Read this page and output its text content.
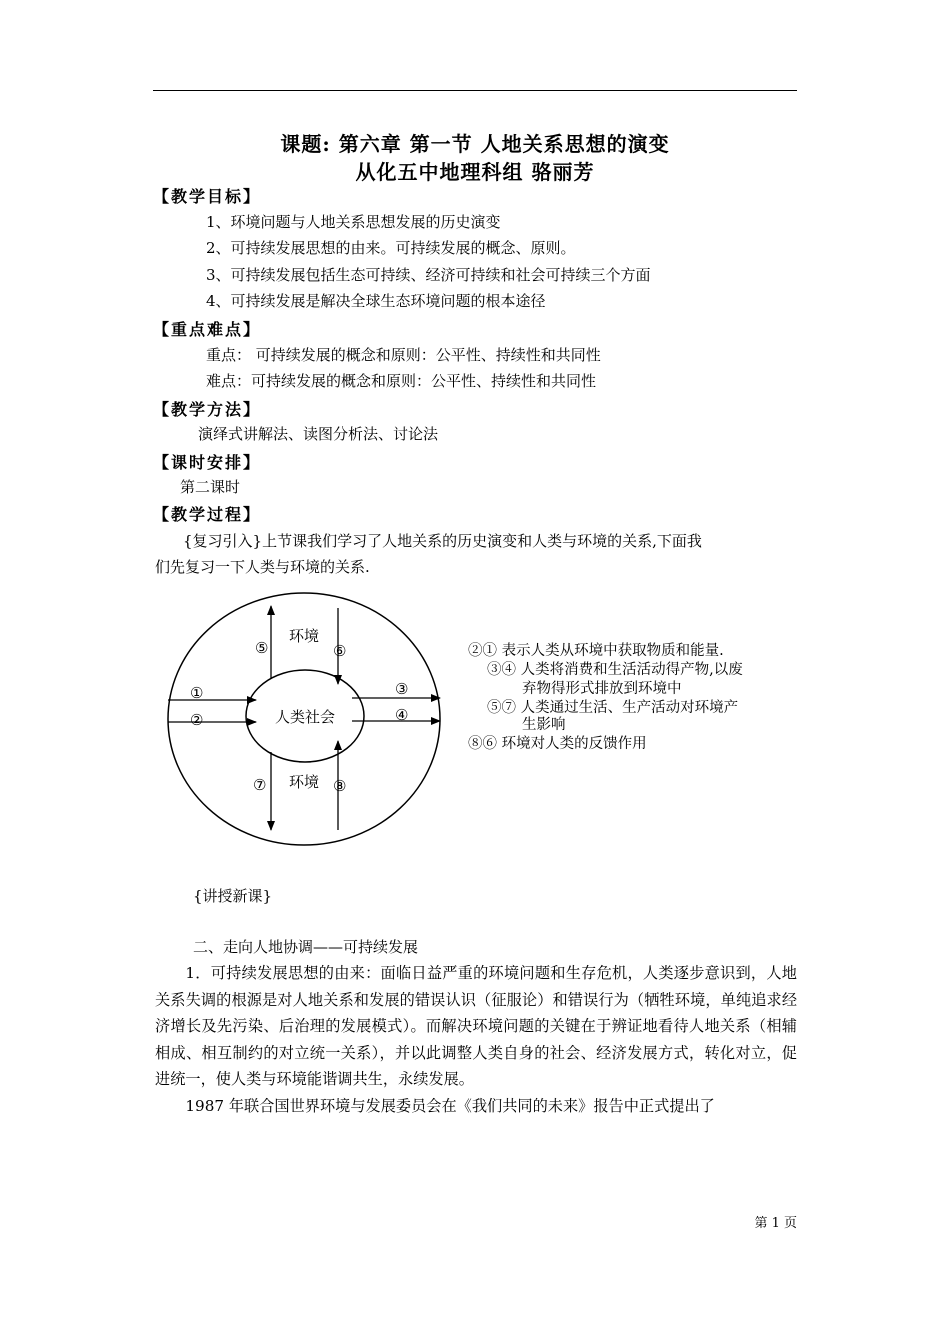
课题: 第六章 第一节 人地关系思想的演变
从化五中地理科组 骆丽芳
【教学目标】
1、环境问题与人地关系思想发展的历史演变
2、可持续发展思想的由来。可持续发展的概念、原则。
3、可持续发展包括生态可持续、经济可持续和社会可持续三个方面
4、可持续发展是解决全球生态环境问题的根本途径
【重点难点】
重点： 可持续发展的概念和原则：公平性、持续性和共同性
难点：可持续发展的概念和原则：公平性、持续性和共同性
【教学方法】
演绎式讲解法、读图分析法、讨论法
【课时安排】
第二课时
【教学过程】
{复习引入}上节课我们学习了人地关系的历史演变和人类与环境的关系,下面我
们先复习一下人类与环境的关系.
环境
环境
人类社会
①
②
③
④
⑤	⑥
⑦	⑧
②① 表示人类从环境中获取物质和能量.
③④ 人类将消费和生活活动得产物,以废
弃物得形式排放到环境中
⑤⑦ 人类通过生活、生产活动对环境产
生影响
⑧⑥ 环境对人类的反馈作用
{讲授新课}
二、走向人地协调——可持续发展

1．可持续发展思想的由来：面临日益严重的环境问题和生存危机，人类逐步意识到，人地关系失调的根源是对人地关系和发展的错误认识（征服论）和错误行为（牺牲环境，单纯追求经济增长及先污染、后治理的发展模式）。而解决环境问题的关键在于辨证地看待人地关系（相辅相成、相互制约的对立统一关系），并以此调整人类自身的社会、经济发展方式，转化对立，促进统一，使人类与环境能谐调共生，永续发展。

1987 年联合国世界环境与发展委员会在《我们共同的未来》报告中正式提出了

第 1 页
